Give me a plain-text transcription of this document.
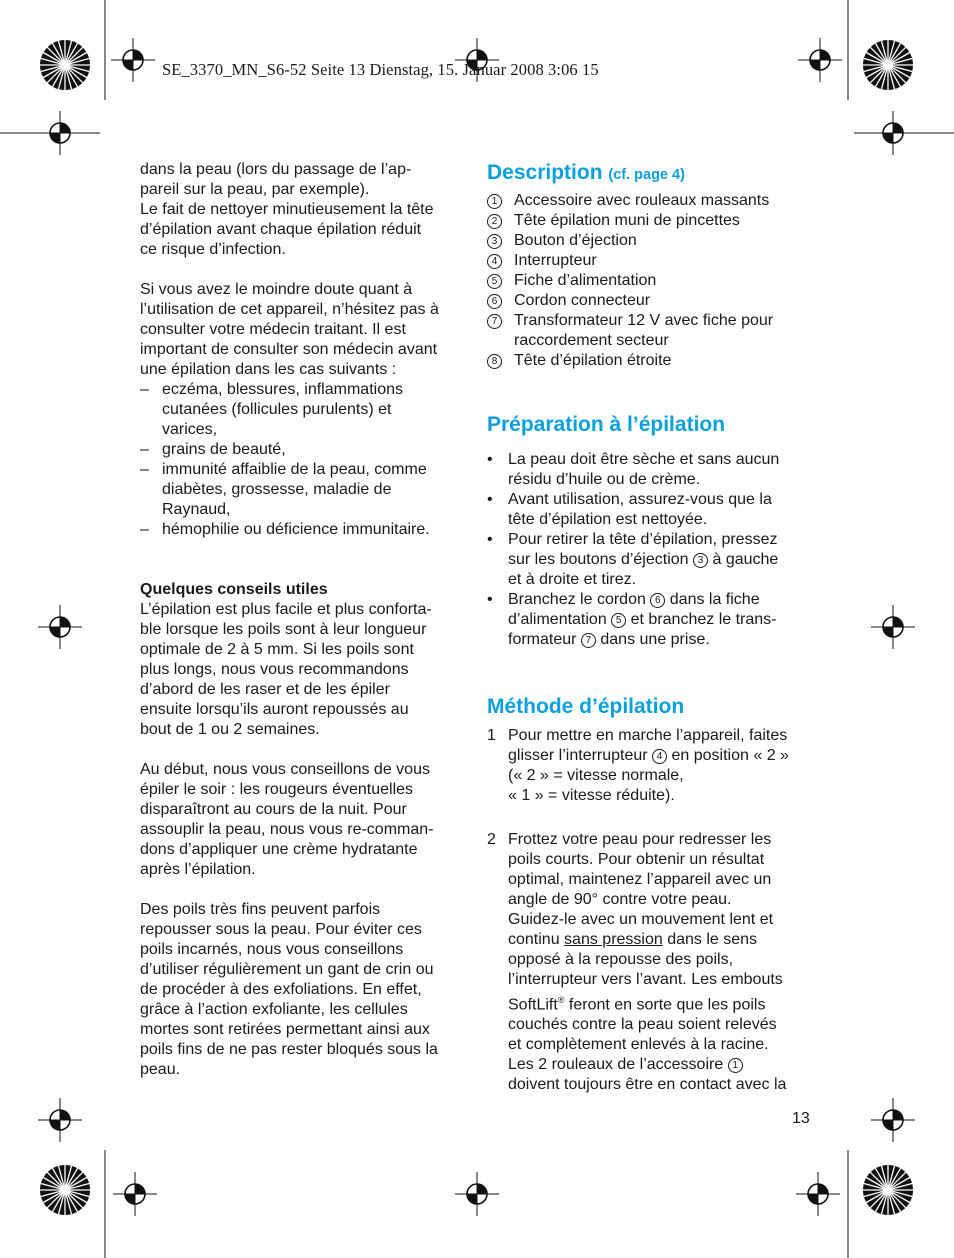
SE_3370_MN_S6-52 Seite 13 Dienstag, 15. Januar 2008 3:06 15

dans la peau (lors du passage de l’ap-
pareil sur la peau, par exemple).
Le fait de nettoyer minutieusement la tête
d’épilation avant chaque épilation réduit
ce risque d’infection.

Si vous avez le moindre doute quant à
l’utilisation de cet appareil, n’hésitez pas à
consulter votre médecin traitant. Il est
important de consulter son médecin avant
une épilation dans les cas suivants :

– eczéma, blessures, inflammations
cutanées (follicules purulents) et
varices,
– grains de beauté,
– immunité affaiblie de la peau, comme
diabètes, grossesse, maladie de
Raynaud,
– hémophilie ou déficience immunitaire.
Quelques conseils utiles

L’épilation est plus facile et plus conforta-
ble lorsque les poils sont à leur longueur
optimale de 2 à 5 mm. Si les poils sont
plus longs, nous vous recommandons
d’abord de les raser et de les épiler
ensuite lorsqu’ils auront repoussés au
bout de 1 ou 2 semaines.

Au début, nous vous conseillons de vous
épiler le soir : les rougeurs éventuelles
disparaîtront au cours de la nuit. Pour
assouplir la peau, nous vous re-comman-
dons d’appliquer une crème hydratante
après l’épilation.

Des poils très fins peuvent parfois
repousser sous la peau. Pour éviter ces
poils incarnés, nous vous conseillons
d’utiliser régulièrement un gant de crin ou
de procéder à des exfoliations. En effet,
grâce à l’action exfoliante, les cellules
mortes sont retirées permettant ainsi aux
poils fins de ne pas rester bloqués sous la
peau.

Description (cf. page 4)
1 Accessoire avec rouleaux massants
2 Tête épilation muni de pincettes
3 Bouton d’éjection
4 Interrupteur
5 Fiche d’alimentation
6 Cordon connecteur
7 Transformateur 12 V avec fiche pour
raccordement secteur
8 Tête d’épilation étroite
Préparation à l’épilation
• La peau doit être sèche et sans aucun
résidu d’huile ou de crème.
• Avant utilisation, assurez-vous que la
tête d’épilation est nettoyée.
• Pour retirer la tête d’épilation, pressez
sur les boutons d’éjection 3 à gauche
et à droite et tirez.
• Branchez le cordon 6 dans la fiche
d’alimentation 5 et branchez le trans-
formateur 7 dans une prise.
Méthode d’épilation
1 Pour mettre en marche l’appareil, faites
glisser l’interrupteur 4 en position « 2 »
(« 2 » = vitesse normale,
« 1 » = vitesse réduite).
2 Frottez votre peau pour redresser les
poils courts. Pour obtenir un résultat
optimal, maintenez l’appareil avec un
angle de 90° contre votre peau.
Guidez-le avec un mouvement lent et
continu sans pression dans le sens
opposé à la repousse des poils,
l’interrupteur vers l’avant. Les embouts
SoftLift® feront en sorte que les poils
couchés contre la peau soient relevés
et complètement enlevés à la racine.
Les 2 rouleaux de l’accessoire 1
doivent toujours être en contact avec la
13
